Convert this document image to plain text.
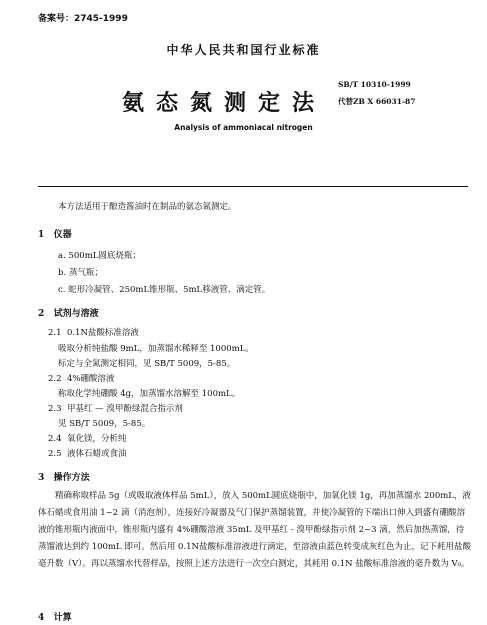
备案号：2745-1999
中华人民共和国行业标准
氨态氮测定法
SB/T 10310-1999
代替ZB X 66031-87
Analysis of ammoniacal nitrogen
本方法适用于酿造酱油时在制品的氨态氮测定。
1 仪器
a. 500mL圆底烧瓶；
b. 蒸气瓶；
c. 蛇形冷凝管、250mL锥形瓶、5mL移液管、滴定管。
2 试剂与溶液
2.1 0.1N盐酸标准溶液
吸取分析纯盐酸 9mL，加蒸馏水稀释至 1000mL。
标定与全氮测定相同，见 SB/T 5009，5-85。
2.2 4%硼酸溶液
称取化学纯硼酸 4g，加蒸馏水溶解至 100mL。
2.3 甲基红 — 溴甲酚绿混合指示剂
见 SB/T 5009，5-85。
2.4 氧化镁，分析纯
2.5 液体石蜡或食油
3 操作方法
精确称取样品 5g（或吸取液体样品 5mL），放入 500mL圆底烧瓶中，加氧化镁 1g，再加蒸馏水 200mL，液体石蜡或食用油 1~2 滴（消泡剂），连接好冷凝器及气门保护蒸馏装置，并使冷凝管的下端出口伸入到盛有硼酸溶液的锥形瓶内液面中，锥形瓶内盛有 4%硼酸溶液 35mL 及甲基红 - 溴甲酚绿指示剂 2~3 滴，然后加热蒸馏，待蒸馏液达到约 100mL 即可。然后用 0.1N盐酸标准溶液进行滴定，至溶液由蓝色转变成灰红色为止，记下耗用盐酸毫升数（V）。再以蒸馏水代替样品，按照上述方法进行一次空白测定，其耗用 0.1N 盐酸标准溶液的毫升数为 V₀。
4 计算
